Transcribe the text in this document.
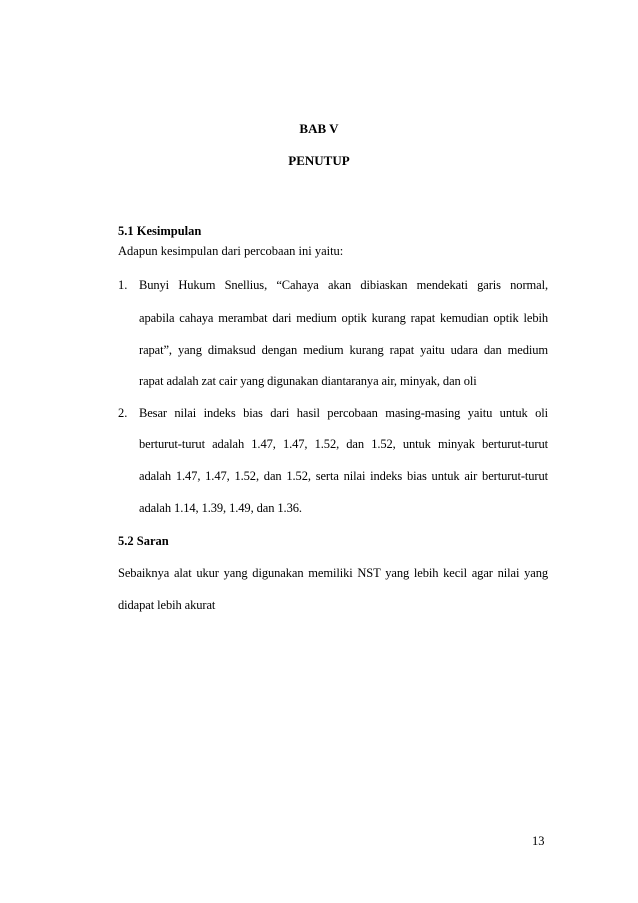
BAB V
PENUTUP
5.1 Kesimpulan
Adapun kesimpulan dari percobaan ini yaitu:
1. Bunyi Hukum Snellius, “Cahaya akan dibiaskan mendekati garis normal,
apabila cahaya merambat dari medium optik kurang rapat kemudian optik lebih
rapat”, yang dimaksud dengan medium kurang rapat yaitu udara dan medium
rapat adalah zat cair yang digunakan diantaranya air, minyak, dan oli
2. Besar nilai indeks bias dari hasil percobaan masing-masing yaitu untuk oli
berturut-turut adalah 1.47, 1.47, 1.52, dan 1.52, untuk minyak berturut-turut
adalah 1.47, 1.47, 1.52, dan 1.52, serta nilai indeks bias untuk air berturut-turut
adalah 1.14, 1.39, 1.49, dan 1.36.
5.2 Saran
Sebaiknya alat ukur yang digunakan memiliki NST yang lebih kecil agar nilai yang
didapat lebih akurat
13
